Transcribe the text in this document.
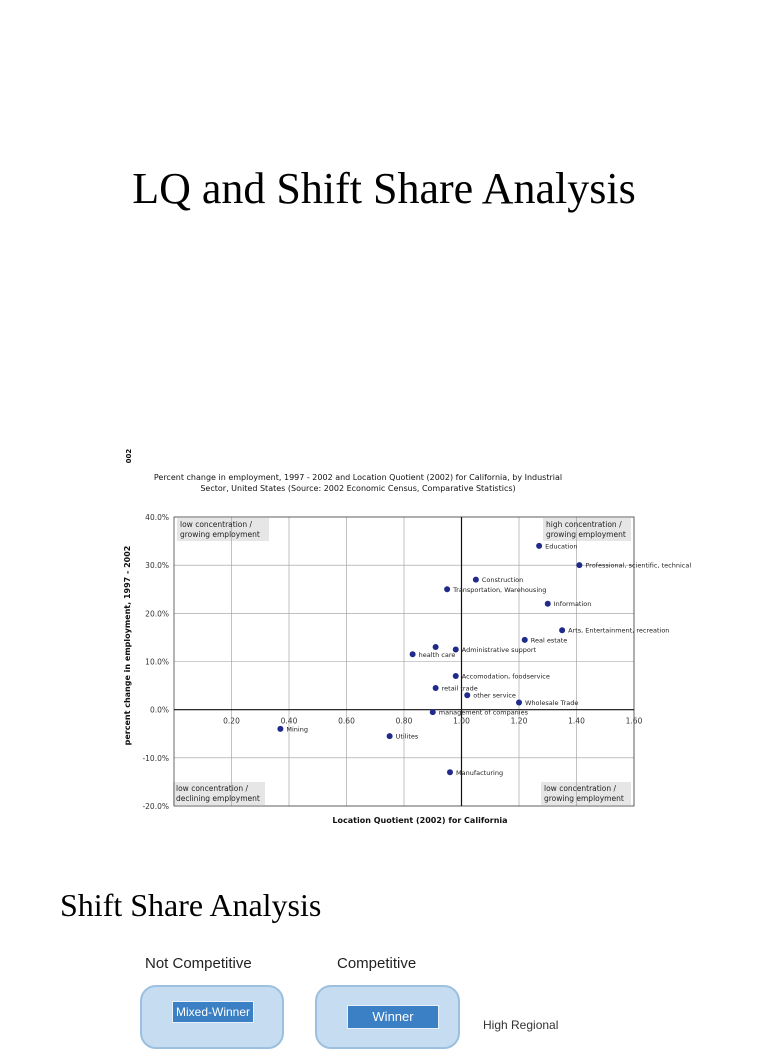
LQ and Shift Share Analysis
002
Percent change in employment, 1997 - 2002 and Location Quotient (2002) for California, by Industrial
Sector, United States (Source: 2002 Economic Census, Comparative Statistics)
0.20	0.40	0.60	0.80	1.00	1.20	1.40	1.60
40.0%
30.0%
20.0%
10.0%
0.0%
-10.0%
-20.0%
Education
Professional, scientific, technical
Construction
Transportation, Warehousing
Information
Arts, Entertainment, recreation
Real estate
Administrative support
health care
Accomodation, foodservice
retail trade
other service
Wholesale Trade
management of companies
Mining
Utilites
Manufacturing
low concentration /
growing employment
high concentration /
growing employment
low concentration /
declining employment
low concentration /
growing employment
Location Quotient (2002) for California
percent change in employment, 1997 - 2002
Shift Share Analysis
Not Competitive	Competitive
Mixed-Winner	Winner
High Regional
